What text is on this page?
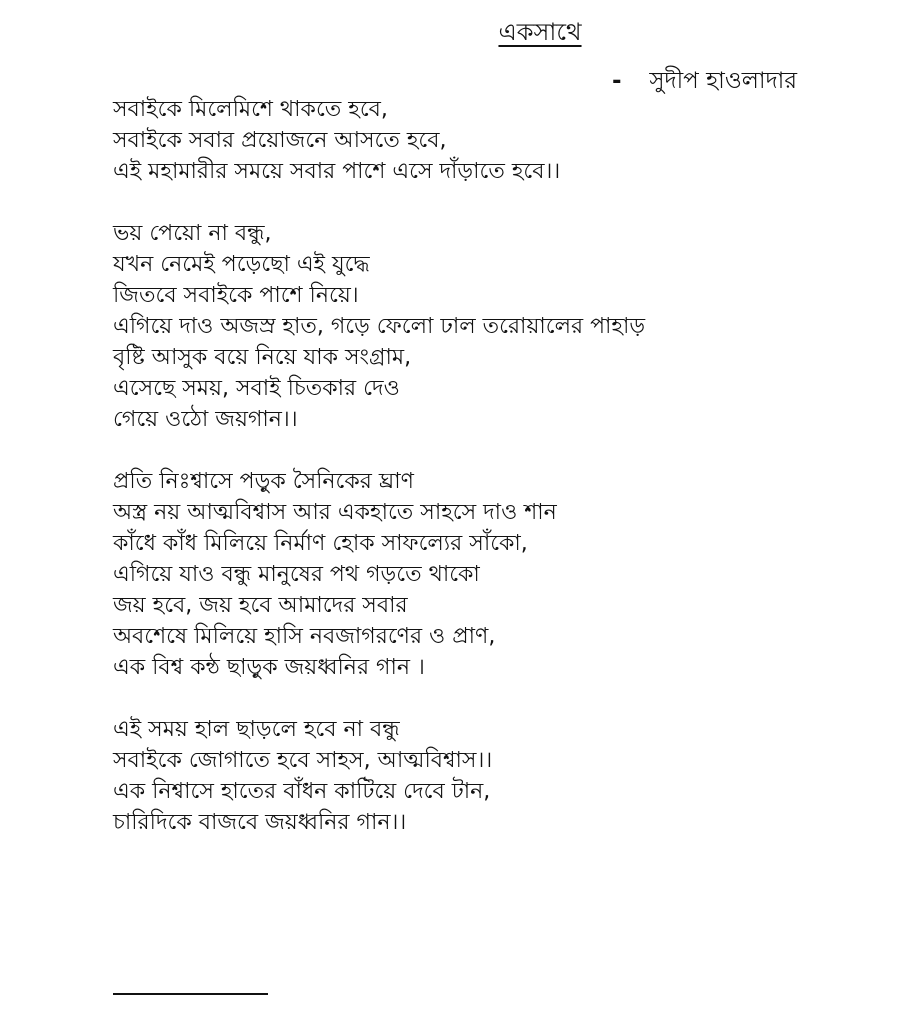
একসাথে
- সুদীপ হাওলাদার
সবাইকে মিলেমিশে থাকতে হবে,
সবাইকে সবার প্রয়োজনে আসতে হবে,
এই মহামারীর সময়ে সবার পাশে এসে দাঁড়াতে হবে।।
ভয় পেয়ো না বন্ধু,
যখন নেমেই পড়েছো এই যুদ্ধে
জিতবে সবাইকে পাশে নিয়ে।
এগিয়ে দাও অজস্র হাত, গড়ে ফেলো ঢাল তরোয়ালের পাহাড়
বৃষ্টি আসুক বয়ে নিয়ে যাক সংগ্রাম,
এসেছে সময়, সবাই চিতকার দেও
গেয়ে ওঠো জয়গান।।
প্রতি নিঃশ্বাসে পড়ুক সৈনিকের ঘ্রাণ
অস্ত্র নয় আত্মবিশ্বাস আর একহাতে সাহসে দাও শান
কাঁধে কাঁধ মিলিয়ে নির্মাণ হোক সাফল্যের সাঁকো,
এগিয়ে যাও বন্ধু মানুষের পথ গড়তে থাকো
জয় হবে, জয় হবে আমাদের সবার
অবশেষে মিলিয়ে হাসি নবজাগরণের ও প্রাণ,
এক বিশ্ব কন্ঠ ছাড়ুক জয়ধ্বনির গান ।
এই সময় হাল ছাড়লে হবে না বন্ধু
সবাইকে জোগাতে হবে সাহস, আত্মবিশ্বাস।।
এক নিশ্বাসে হাতের বাঁধন কাটিয়ে দেবে টান,
চারিদিকে বাজবে জয়ধ্বনির গান।।
